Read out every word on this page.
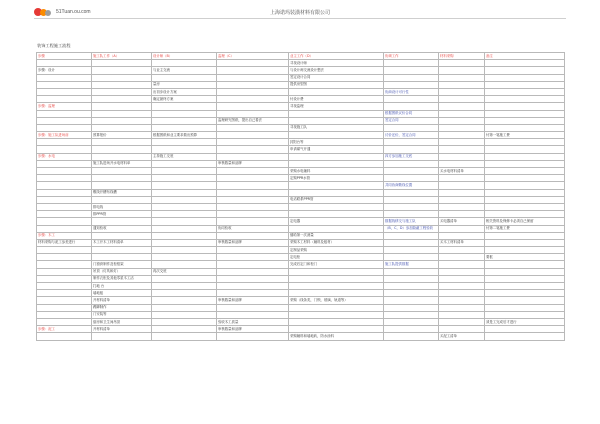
51Tuan.ou.com	上海诺玛装潢材料有限公司
装饰工程施工流程
步骤	施工队工作（A）	设计师（B）	监理（C）	业主工作（D）	协调工作	材料采购	备注
				寻找设计师			
步骤：设计		与业主交流		与设计师交流设计想法			
				签定设计合同			
		量房		提供房型图			
		出初步设计方案			协商设计可行性		
		确定最终方案		付设计费			
步骤：监理				寻找监理			
					根据图纸议价合同		
			监理研究图纸，提出自己看法		签定合同		
				寻找施工队			
步骤：施工队进场前	预算报价	根据图纸和业主要求做出预算			讨价还价，签定合同		付第一笔施工费
				封阳台等			
				申请煤气开通			
步骤：水电		主持施工交底			四方参加施工交底		
	施工队进场开水电材料单		审核数量和品牌				
				采购水电辅料		买水电材料清单	
				定购PPR水管			
					共同协商敷线位置		
	敷线开槽布线槽						
				电话联系PPR管			
	排电线						
	排PPR管						
				定电器	数据线移交与施工队	买电器清单	相关资料及保修卡必须自己保留
	通知验收		协同验收		（B，C，D）参加隐蔽工程验收		付第二笔施工费
步骤：木工				催给第一次测量			
材料采购与泥工参差进行	木工开木工材料清单		审核数量和品牌	采购木工材料（辅料及板材）		买木工材料清单	
				定制品采购			
				定电柜			要框
	门窗套制作及柜框架			完成后定门和柜门	施工队提供数据		
	吊顶（灯具和灯）	再次交底					
	制作衣柜及其他零星木工活						
	打地 台						
	墙地板						
	开材料清单		审核数量和品牌	采购（线条类，门锁，玻璃，轨道等）			
	踢脚制作						
	门安装等						
	厨房和卫生间吊顶		验收木工质量				须是工完成后才进行
步骤：泥工	开材料清单		审核数量和品牌				
				采购辅料和墙地砖，防水涂料		买泥工清单	
